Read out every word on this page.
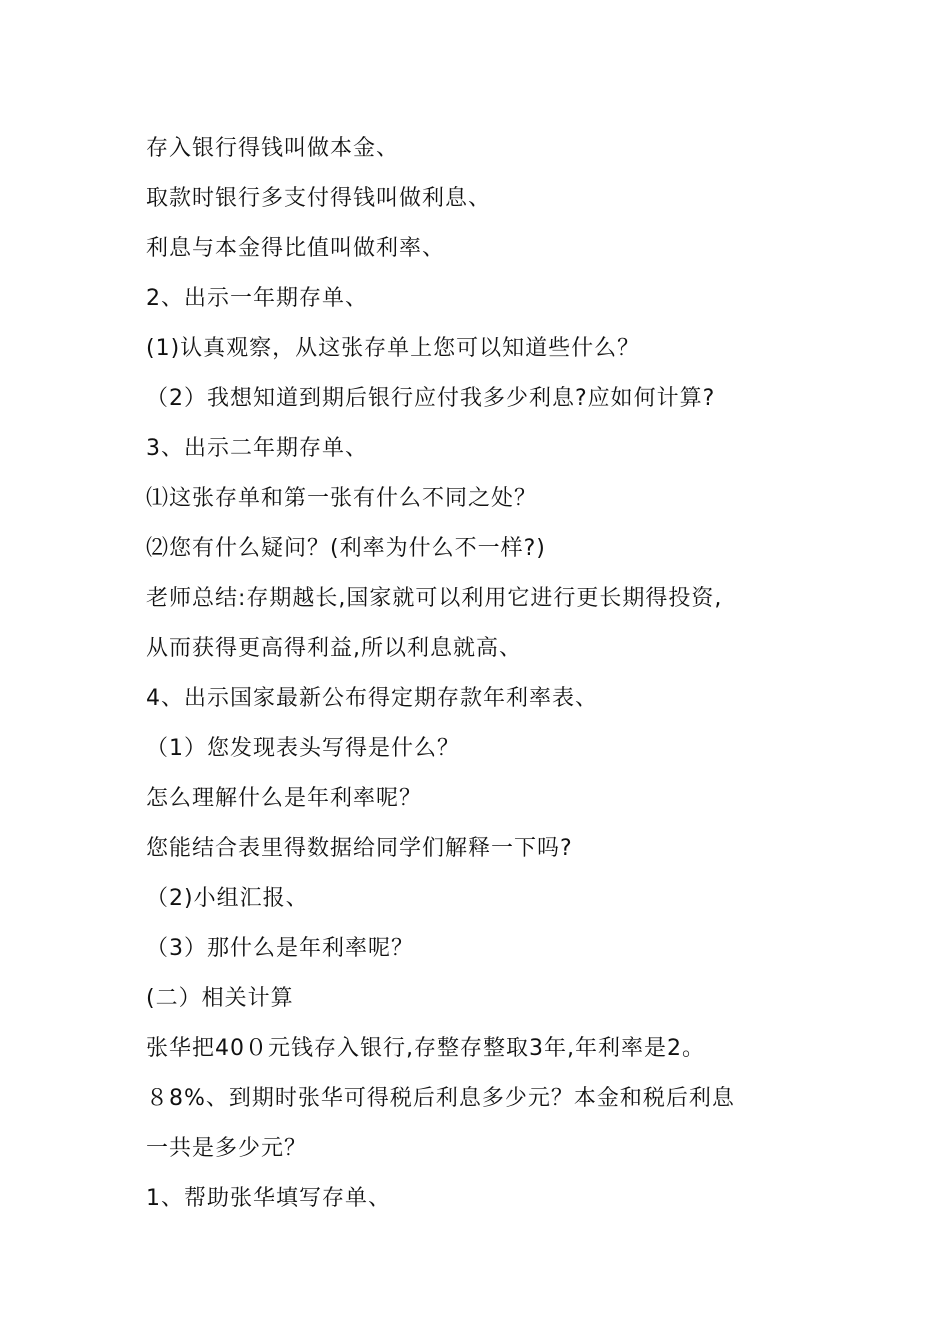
存入银行得钱叫做本金、
取款时银行多支付得钱叫做利息、
利息与本金得比值叫做利率、
2、出示一年期存单、
(1)认真观察，从这张存单上您可以知道些什么？
（2）我想知道到期后银行应付我多少利息?应如何计算?
3、出示二年期存单、
⑴这张存单和第一张有什么不同之处？
⑵您有什么疑问？(利率为什么不一样?)
老师总结:存期越长,国家就可以利用它进行更长期得投资,
从而获得更高得利益,所以利息就高、
4、出示国家最新公布得定期存款年利率表、
（1）您发现表头写得是什么？
怎么理解什么是年利率呢？
您能结合表里得数据给同学们解释一下吗?
（2)小组汇报、
（3）那什么是年利率呢？
(二）相关计算
张华把40０元钱存入银行,存整存整取3年,年利率是2。
８8%、到期时张华可得税后利息多少元？本金和税后利息
一共是多少元？
1、帮助张华填写存单、
